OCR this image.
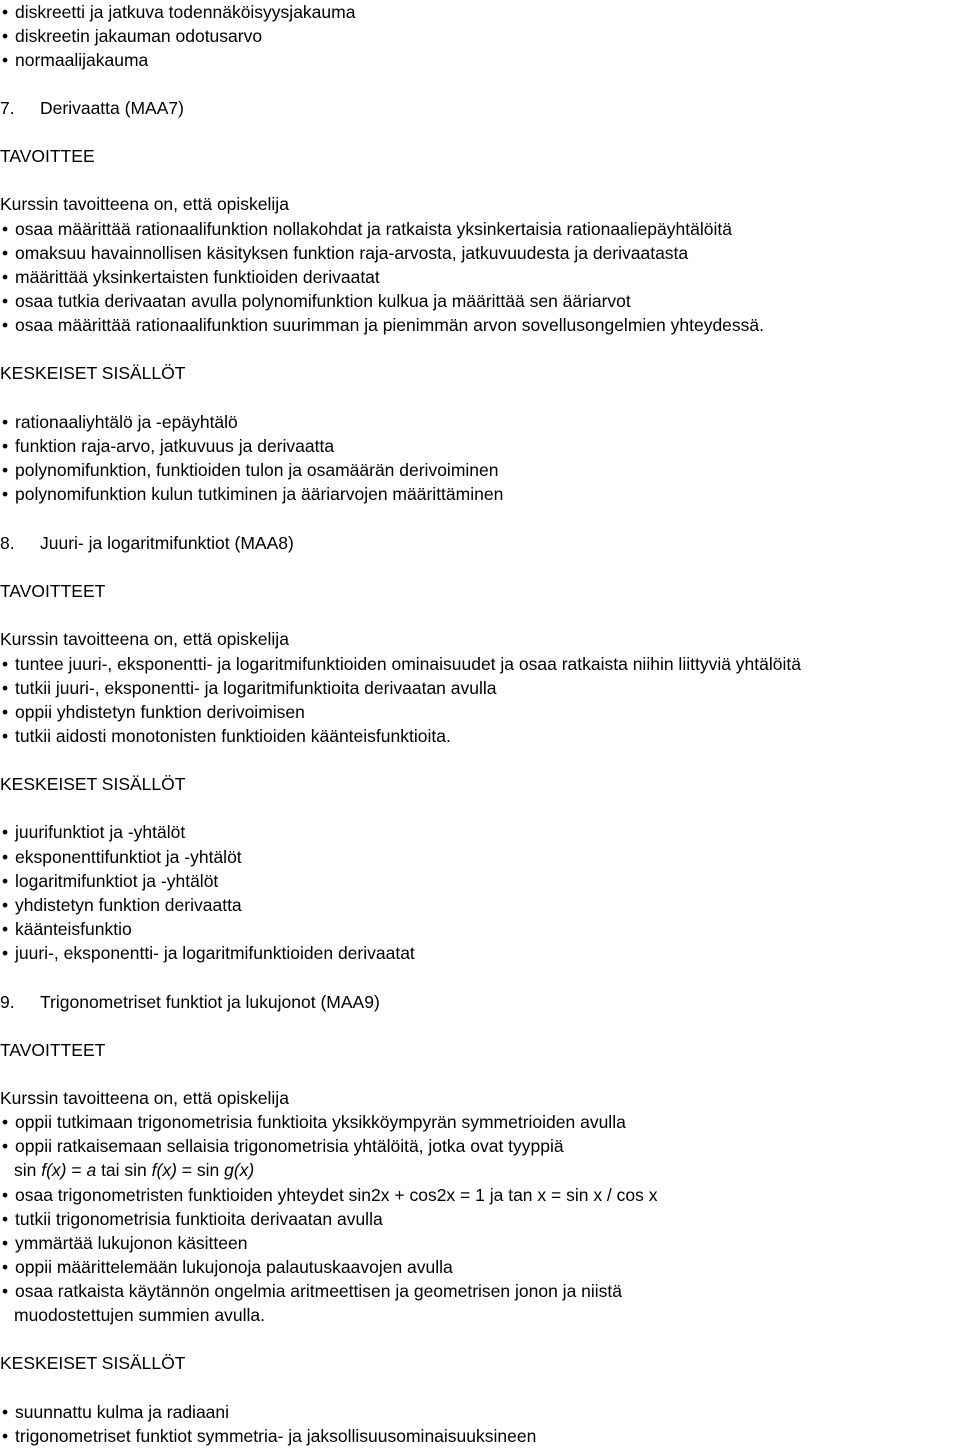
• diskreetti ja jatkuva todennäköisyysjakauma
• diskreetin jakauman odotusarvo
• normaalijakauma
7. Derivaatta (MAA7)
TAVOITTEE
Kurssin tavoitteena on, että opiskelija
• osaa määrittää rationaalifunktion nollakohdat ja ratkaista yksinkertaisia rationaaliepäyhtälöitä
• omaksuu havainnollisen käsityksen funktion raja-arvosta, jatkuvuudesta ja derivaatasta
• määrittää yksinkertaisten funktioiden derivaatat
• osaa tutkia derivaatan avulla polynomifunktion kulkua ja määrittää sen ääriarvot
• osaa määrittää rationaalifunktion suurimman ja pienimmän arvon sovellusongelmien yhteydessä.
KESKEISET SISÄLLÖT
• rationaaliyhtälö ja -epäyhtälö
• funktion raja-arvo, jatkuvuus ja derivaatta
• polynomifunktion, funktioiden tulon ja osamäärän derivoiminen
• polynomifunktion kulun tutkiminen ja ääriarvojen määrittäminen
8. Juuri- ja logaritmifunktiot (MAA8)
TAVOITTEET
Kurssin tavoitteena on, että opiskelija
• tuntee juuri-, eksponentti- ja logaritmifunktioiden ominaisuudet ja osaa ratkaista niihin liittyviä yhtälöitä
• tutkii juuri-, eksponentti- ja logaritmifunktioita derivaatan avulla
• oppii yhdistetyn funktion derivoimisen
• tutkii aidosti monotonisten funktioiden käänteisfunktioita.
KESKEISET SISÄLLÖT
• juurifunktiot ja -yhtälöt
• eksponenttifunktiot ja -yhtälöt
• logaritmifunktiot ja -yhtälöt
• yhdistetyn funktion derivaatta
• käänteisfunktio
• juuri-, eksponentti- ja logaritmifunktioiden derivaatat
9. Trigonometriset funktiot ja lukujonot (MAA9)
TAVOITTEET
Kurssin tavoitteena on, että opiskelija
• oppii tutkimaan trigonometrisia funktioita yksikköympyrän symmetrioiden avulla
• oppii ratkaisemaan sellaisia trigonometrisia yhtälöitä, jotka ovat tyyppiä
sin f(x) = a tai sin f(x) = sin g(x)
• osaa trigonometristen funktioiden yhteydet sin2x + cos2x = 1 ja tan x = sin x / cos x
• tutkii trigonometrisia funktioita derivaatan avulla
• ymmärtää lukujonon käsitteen
• oppii määrittelemään lukujonoja palautuskaavojen avulla
• osaa ratkaista käytännön ongelmia aritmeettisen ja geometrisen jonon ja niistä
muodostettujen summien avulla.
KESKEISET SISÄLLÖT
• suunnattu kulma ja radiaani
• trigonometriset funktiot symmetria- ja jaksollisuusominaisuuksineen
